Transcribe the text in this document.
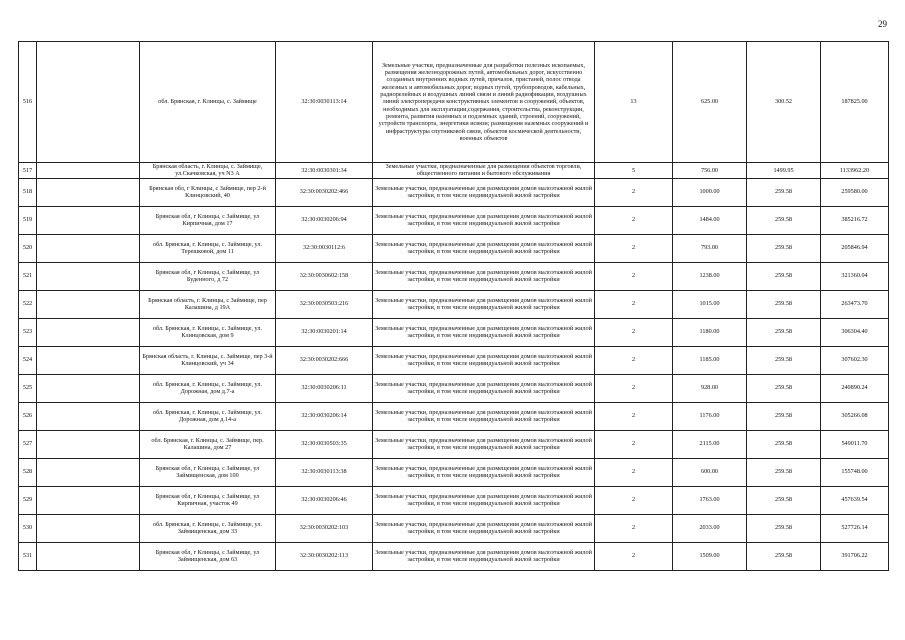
29
516		обл. Брянская, г. Клинцы, с. Займище	32:30:0030113:14	Земельные участки, предназначенные для разработки полезных ископаемых, размещения железнодорожных путей, автомобильных дорог, искусственно созданных внутренних водных путей, причалов, пристаней, полос отвода железных и автомобильных дорог, водных путей, трубопроводов, кабельных, радиорелейных и воздушных линий связи и линий радиофикации, воздушных линий электропередачи конструктивных элементов и сооружений, объектов, необходимых для эксплуатации,содержания, строительства, реконструкции, ремонта, развития наземных и подземных зданий, строений, сооружений, устройств транспорта, энергетики исвязи; размещения наземных сооружений и инфраструктуры спутниковой связи, объектов космической деятельности, военных объектов	13	625.00	300.52	187825.00
517		Брянская область, г. Клинцы, с. Займище, ул.Скачковская, уч N3 А	32:30:0030301:34	Земельные участки, предназначенные для размещения объектов торговли, общественного питания и бытового обслуживания	5	756.00	1499.95	1133962.20
518		Брянская обл, г Клинцы, с Займище, пер 2-й Клинцовский, 40	32:30:0030202:466	Земельные участки, предназначенные для размещения домов малоэтажной жилой застройки, в том числе индивидуальной жилой застройки	2	1000.00	259.58	259580.00
519		Брянская обл, г Клинцы, с Займище, ул Кирпичная, дом 17	32:30:0030206:94	Земельные участки, предназначенные для размещения домов малоэтажной жилой застройки, в том числе индивидуальной жилой застройки	2	1484.00	259.58	385216.72
520		обл. Брянская, г. Клинцы, с. Займище, ул. Терешковой, дом 11	32:30:0030112:6	Земельные участки, предназначенные для размещения домов малоэтажной жилой застройки, в том числе индивидуальной жилой застройки	2	793.00	259.58	205846.94
521		Брянская обл, г Клинцы, с Займище, ул Буденного, д 72	32:30:0030602:158	Земельные участки, предназначенные для размещения домов малоэтажной жилой застройки, в том числе индивидуальной жилой застройки	2	1238.00	259.58	321360.04
522		Брянская область, г. Клинцы, с Займище, пер Калашина, д 19А	32:30:0030503:216	Земельные участки, предназначенные для размещения домов малоэтажной жилой застройки, в том числе индивидуальной жилой застройки	2	1015.00	259.58	263473.70
523		обл. Брянская, г. Клинцы, с. Займище, ул. Клинцовская, дом 9	32:30:0030201:14	Земельные участки, предназначенные для размещения домов малоэтажной жилой застройки, в том числе индивидуальной жилой застройки	2	1180.00	259.58	306304.40
524		Брянская область, г. Клинцы, с. Займище, пер 3-й Клинцовский, уч 34	32:30:0030202:666	Земельные участки, предназначенные для размещения домов малоэтажной жилой застройки, в том числе индивидуальной жилой застройки	2	1185.00	259.58	307602.30
525		обл. Брянская, г. Клинцы, с. Займище, ул. Дорожная, дом д.7-а	32:30:0030206:11	Земельные участки, предназначенные для размещения домов малоэтажной жилой застройки, в том числе индивидуальной жилой застройки	2	928.00	259.58	240890.24
526		обл. Брянская, г. Клинцы, с. Займище, ул. Дорожная, дом д.14-а	32:30:0030206:14	Земельные участки, предназначенные для размещения домов малоэтажной жилой застройки, в том числе индивидуальной жилой застройки	2	1176.00	259.58	305266.08
527		обл. Брянская, г. Клинцы, с. Займище, пер. Калашина, дом 27	32:30:0030503:35	Земельные участки, предназначенные для размещения домов малоэтажной жилой застройки, в том числе индивидуальной жилой застройки	2	2115.00	259.58	549011.70
528		Брянская обл, г Клинцы, с Займище, ул Займищенская, дом 100	32:30:0030113:38	Земельные участки, предназначенные для размещения домов малоэтажной жилой застройки, в том числе индивидуальной жилой застройки	2	600.00	259.58	155748.00
529		Брянская обл, г Клинцы, с Займище, ул Кирпичная, участок 49	32:30:0030206:46	Земельные участки, предназначенные для размещения домов малоэтажной жилой застройки, в том числе индивидуальной жилой застройки	2	1763.00	259.58	457639.54
530		обл. Брянская, г. Клинцы, с. Займище, ул. Займищенская, дом 33	32:30:0030202:103	Земельные участки, предназначенные для размещения домов малоэтажной жилой застройки, в том числе индивидуальной жилой застройки	2	2033.00	259.58	527726.14
531		Брянская обл, г Клинцы, с Займище, ул Займищенская, дом 63	32:30:0030202:113	Земельные участки, предназначенные для размещения домов малоэтажной жилой застройки, в том числе индивидуальной жилой застройки	2	1509.00	259.58	391706.22
